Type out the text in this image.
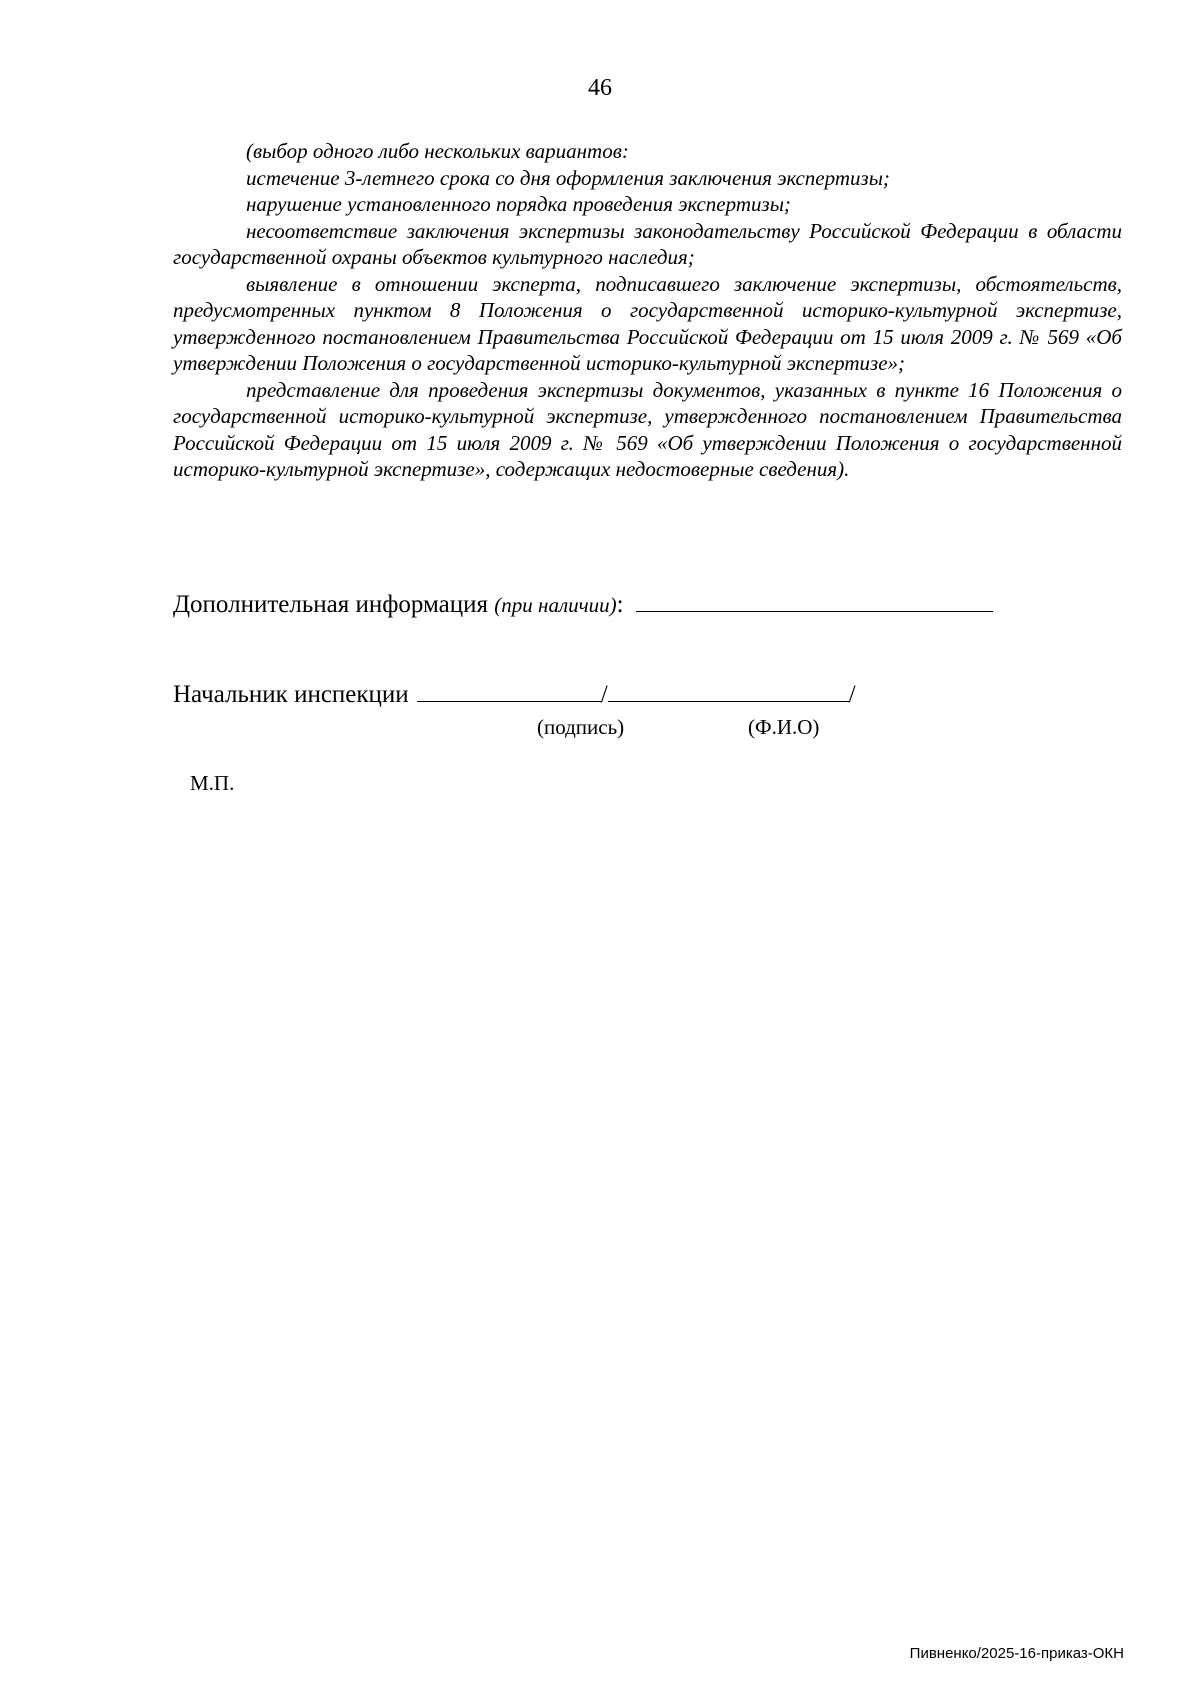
46

(выбор одного либо нескольких вариантов:

истечение 3-летнего срока со дня оформления заключения экспертизы;

нарушение установленного порядка проведения экспертизы;

несоответствие заключения экспертизы законодательству Российской Федерации в области государственной охраны объектов культурного наследия;

выявление в отношении эксперта, подписавшего заключение экспертизы, обстоятельств, предусмотренных пунктом 8 Положения о государственной историко-культурной экспертизе, утвержденного постановлением Правительства Российской Федерации от 15 июля 2009 г. № 569 «Об утверждении Положения о государственной историко-культурной экспертизе»;

представление для проведения экспертизы документов, указанных в пункте 16 Положения о государственной историко-культурной экспертизе, утвержденного постановлением Правительства Российской Федерации от 15 июля 2009 г. № 569 «Об утверждении Положения о государственной историко-культурной экспертизе», содержащих недостоверные сведения).

Дополнительная информация (при наличии):
Начальник инспекции	/	/
(подпись)	(Ф.И.О)
М.П.
Пивненко/2025-16-приказ-ОКН
